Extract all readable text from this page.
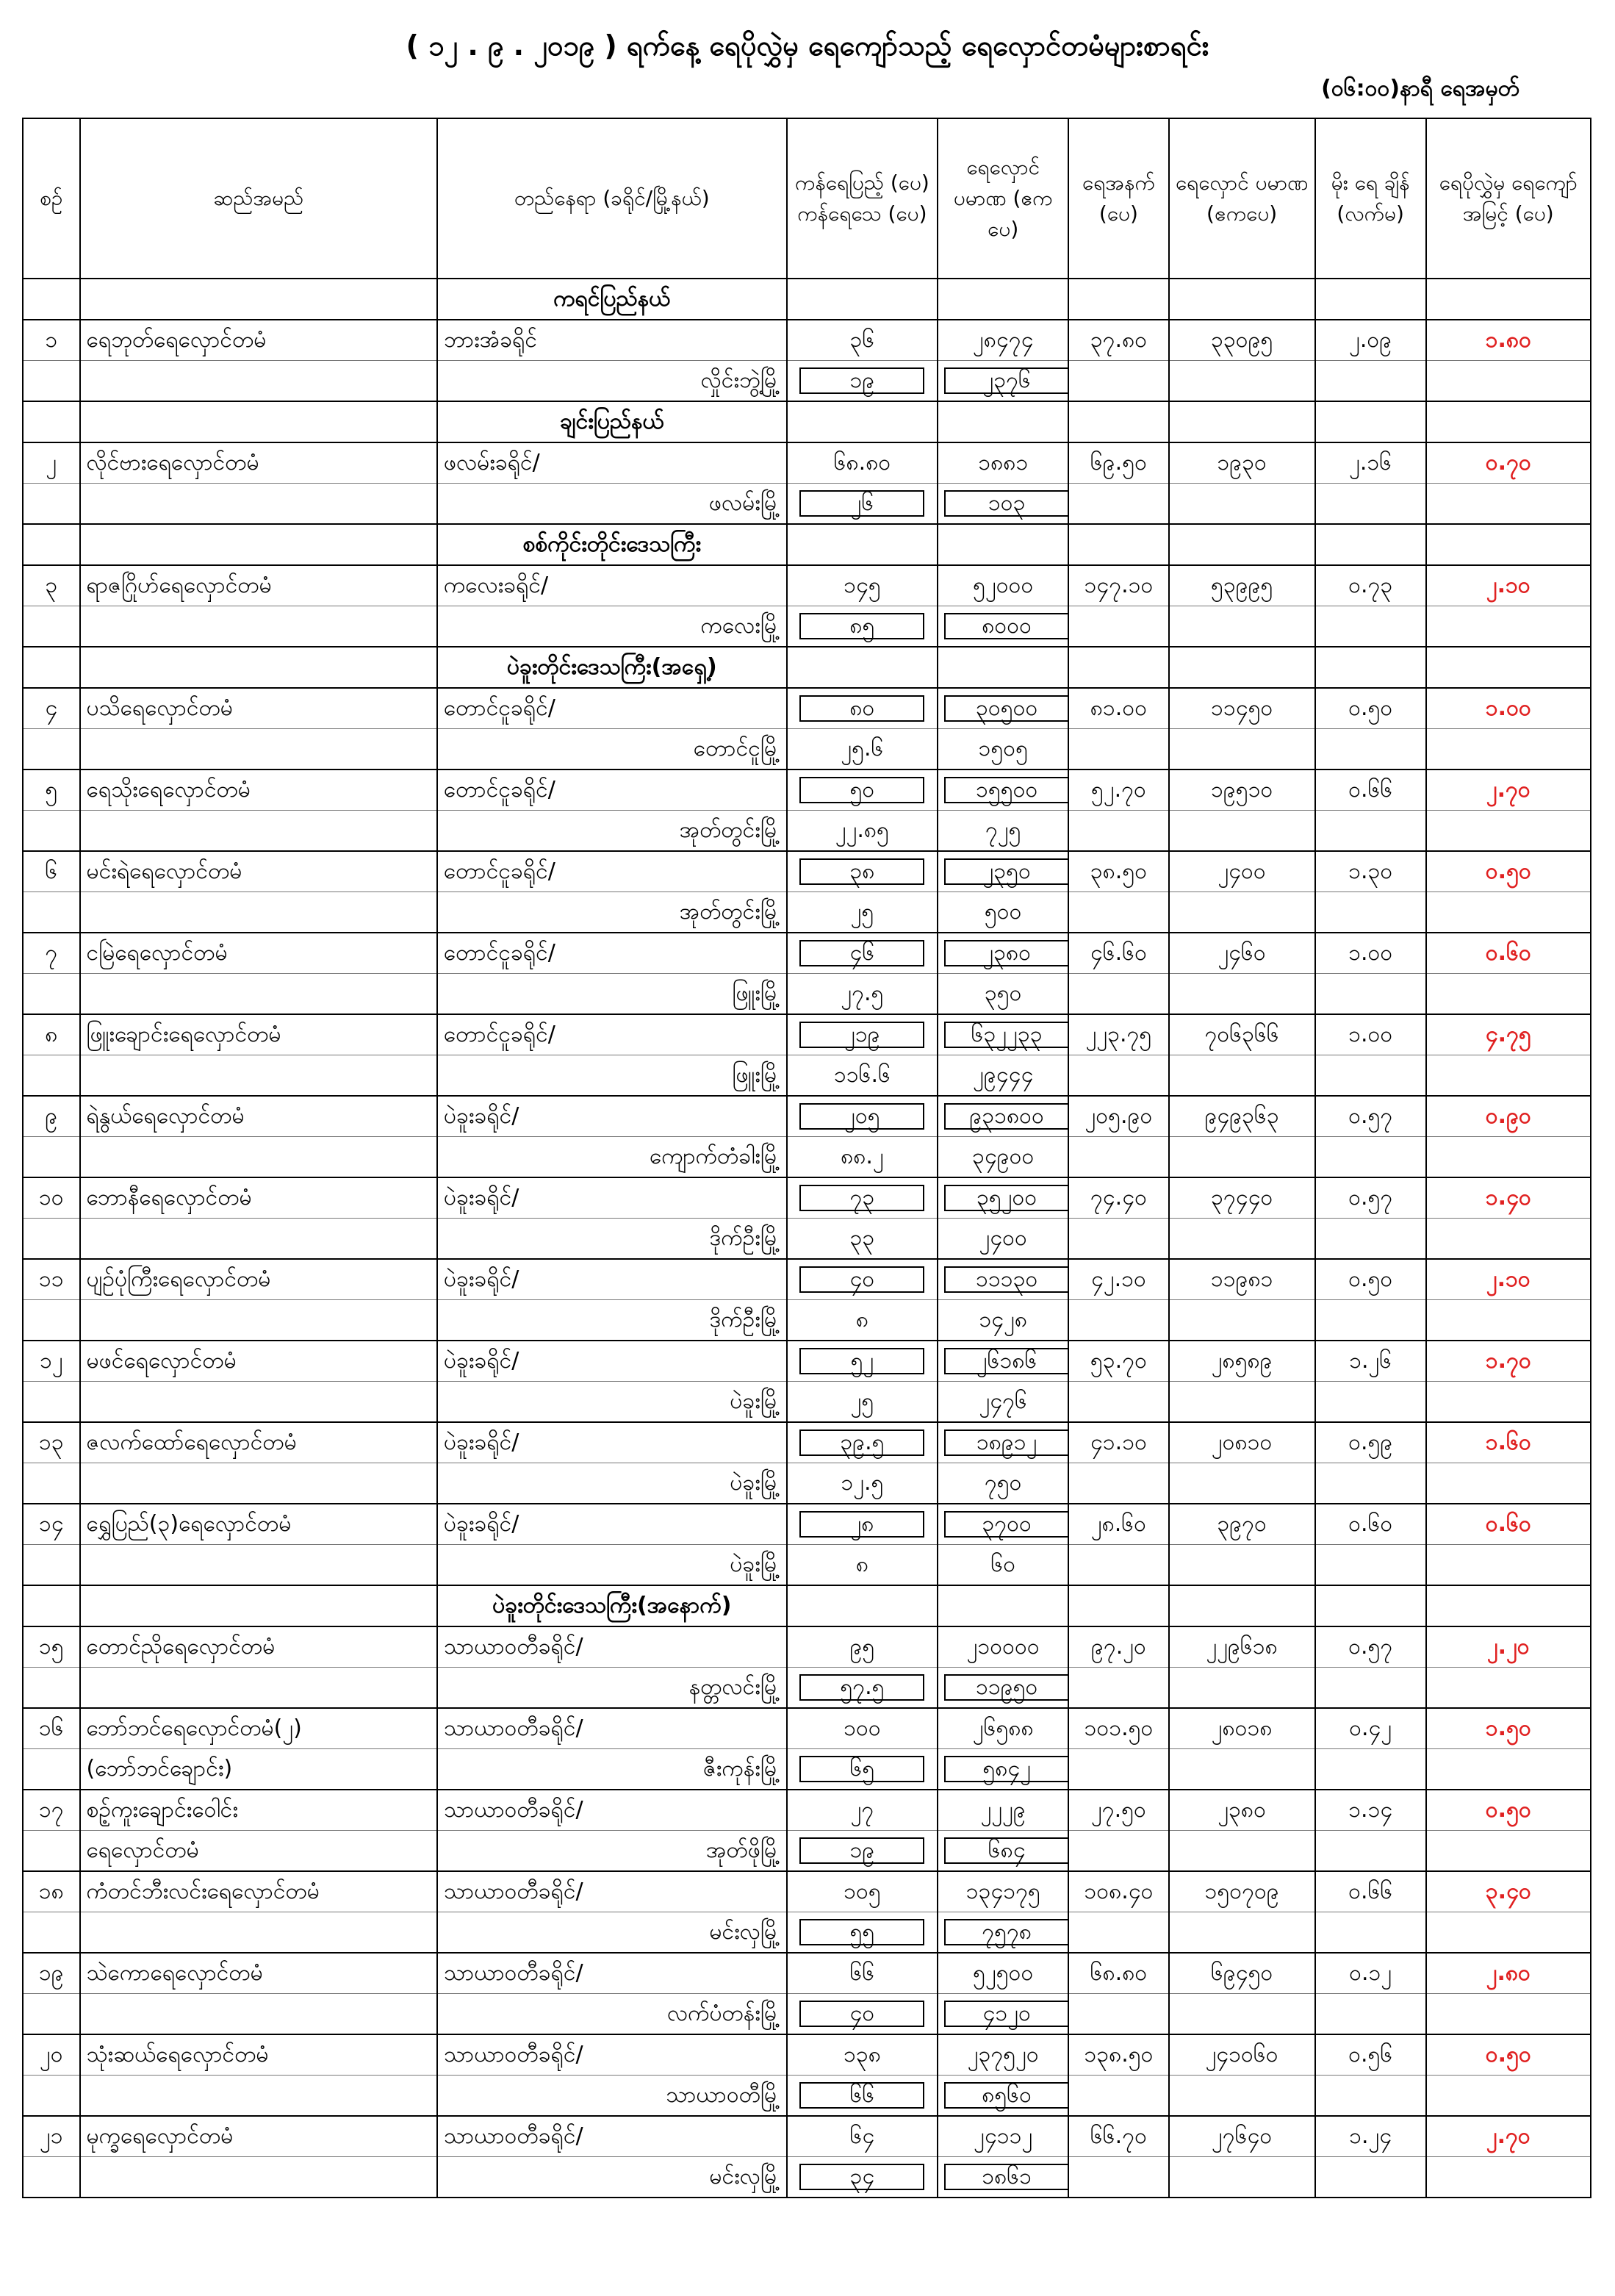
( ၁၂ . ၉ . ၂၀၁၉ ) ရက်နေ့ ရေပိုလွှဲမှ ရေကျော်သည့် ရေလှောင်တမံများစာရင်း
(၀၆:၀၀)နာရီ ရေအမှတ်
စဉ်	ဆည်အမည်	တည်နေရာ (ခရိုင်/မြို့နယ်)	ကန်ရေပြည့် (ပေ) ကန်ရေသေ (ပေ)	ရေလှောင် ပမာဏ (ဧကပေ)	ရေအနက် (ပေ)	ရေလှောင် ပမာဏ (ဧကပေ)	မိုး ရေ ချိန် (လက်မ)	ရေပိုလွှဲမှ ရေကျော် အမြင့် (ပေ)
		ကရင်ပြည်နယ်						
၁	ရေဘုတ်ရေလှောင်တမံ	ဘားအံခရိုင်	၃၆	၂၈၄၇၄	၃၇.၈၀	၃၃၀၉၅	၂.၀၉	၁.၈၀
		လှိုင်းဘွဲ့မြို့	၁၉	၂၃၇၆				
		ချင်းပြည်နယ်						
၂	လိုင်ဗားရေလှောင်တမံ	ဖလမ်းခရိုင်/	၆၈.၈၀	၁၈၈၁	၆၉.၅၀	၁၉၃၀	၂.၁၆	၀.၇၀
		ဖလမ်းမြို့	၂၆	၁၀၃				
		စစ်ကိုင်းတိုင်းဒေသကြီး						
၃	ရာဇဂြိုဟ်ရေလှောင်တမံ	ကလေးခရိုင်/	၁၄၅	၅၂၀၀၀	၁၄၇.၁၀	၅၃၉၉၅	၀.၇၃	၂.၁၀
		ကလေးမြို့	၈၅	၈၀၀၀				
		ပဲခူးတိုင်းဒေသကြီး(အရှေ့)						
၄	ပသိရေလှောင်တမံ	တောင်ငူခရိုင်/	၈၀	၃၀၅၀၀	၈၁.၀၀	၁၁၄၅၀	၀.၅၀	၁.၀၀
		တောင်ငူမြို့	၂၅.၆	၁၅၀၅				
၅	ရေသိုးရေလှောင်တမံ	တောင်ငူခရိုင်/	၅၀	၁၅၅၀၀	၅၂.၇၀	၁၉၅၁၀	၀.၆၆	၂.၇၀
		အုတ်တွင်းမြို့	၂၂.၈၅	၇၂၅				
၆	မင်းရဲရေလှောင်တမံ	တောင်ငူခရိုင်/	၃၈	၂၃၅၀	၃၈.၅၀	၂၄၀၀	၁.၃၀	၀.၅၀
		အုတ်တွင်းမြို့	၂၅	၅၀၀				
၇	ငမြဲရေလှောင်တမံ	တောင်ငူခရိုင်/	၄၆	၂၃၈၀	၄၆.၆၀	၂၄၆၀	၁.၀၀	၀.၆၀
		ဖြူးမြို့	၂၇.၅	၃၅၀				
၈	ဖြူးချောင်းရေလှောင်တမံ	တောင်ငူခရိုင်/	၂၁၉	၆၃၂၂၃၃	၂၂၃.၇၅	၇၀၆၃၆၆	၁.၀၀	၄.၇၅
		ဖြူးမြို့	၁၁၆.၆	၂၉၄၄၄				
၉	ရဲနွယ်ရေလှောင်တမံ	ပဲခူးခရိုင်/	၂၀၅	၉၃၁၈၀၀	၂၀၅.၉၀	၉၄၉၃၆၃	၀.၅၇	၀.၉၀
		ကျောက်တံခါးမြို့	၈၈.၂	၃၄၉၀၀				
၁၀	ဘောနီရေလှောင်တမံ	ပဲခူးခရိုင်/	၇၃	၃၅၂၀၀	၇၄.၄၀	၃၇၄၄၀	၀.၅၇	၁.၄၀
		ဒိုက်ဦးမြို့	၃၃	၂၄၀၀				
၁၁	ပျဉ်ပုံကြီးရေလှောင်တမံ	ပဲခူးခရိုင်/	၄၀	၁၁၁၃၀	၄၂.၁၀	၁၁၉၈၁	၀.၅၀	၂.၁၀
		ဒိုက်ဦးမြို့	၈	၁၄၂၈				
၁၂	မဖင်ရေလှောင်တမံ	ပဲခူးခရိုင်/	၅၂	၂၆၁၈၆	၅၃.၇၀	၂၈၅၈၉	၁.၂၆	၁.၇၀
		ပဲခူးမြို့	၂၅	၂၄၇၆				
၁၃	ဇလက်ထော်ရေလှောင်တမံ	ပဲခူးခရိုင်/	၃၉.၅	၁၈၉၁၂	၄၁.၁၀	၂၀၈၁၀	၀.၅၉	၁.၆၀
		ပဲခူးမြို့	၁၂.၅	၇၅၀				
၁၄	ရွှေပြည်(၃)ရေလှောင်တမံ	ပဲခူးခရိုင်/	၂၈	၃၇၀၀	၂၈.၆၀	၃၉၇၀	၀.၆၀	၀.၆၀
		ပဲခူးမြို့	၈	၆၀				
		ပဲခူးတိုင်းဒေသကြီး(အနောက်)						
၁၅	တောင်ညိုရေလှောင်တမံ	သာယာဝတီခရိုင်/	၉၅	၂၁၀၀၀၀	၉၇.၂၀	၂၂၉၆၁၈	၀.၅၇	၂.၂၀
		နတ္တလင်းမြို့	၅၇.၅	၁၁၉၅၀				
၁၆	ဘော်ဘင်ရေလှောင်တမံ(၂)	သာယာဝတီခရိုင်/	၁၀၀	၂၆၅၈၈	၁၀၁.၅၀	၂၈၀၁၈	၀.၄၂	၁.၅၀
	(ဘော်ဘင်ချောင်း)	ဇီးကုန်းမြို့	၆၅	၅၈၄၂				
၁၇	စဉ့်ကူးချောင်းဝေါင်း	သာယာဝတီခရိုင်/	၂၇	၂၂၂၉	၂၇.၅၀	၂၃၈၀	၁.၁၄	၀.၅၀
	ရေလှောင်တမံ	အုတ်ဖိုမြို့	၁၉	၆၈၄				
၁၈	ကံတင်ဘီးလင်းရေလှောင်တမံ	သာယာဝတီခရိုင်/	၁၀၅	၁၃၄၁၇၅	၁၀၈.၄၀	၁၅၀၇၀၉	၀.၆၆	၃.၄၀
		မင်းလှမြို့	၅၅	၇၅၇၈				
၁၉	သဲကောရေလှောင်တမံ	သာယာဝတီခရိုင်/	၆၆	၅၂၅၀၀	၆၈.၈၀	၆၉၄၅၀	၀.၁၂	၂.၈၀
		လက်ပံတန်းမြို့	၄၀	၄၁၂၀				
၂၀	သုံးဆယ်ရေလှောင်တမံ	သာယာဝတီခရိုင်/	၁၃၈	၂၃၇၅၂၀	၁၃၈.၅၀	၂၄၁၀၆၀	၀.၅၆	၀.၅၀
		သာယာဝတီမြို့	၆၆	၈၅၆၀				
၂၁	မုက္ခရေလှောင်တမံ	သာယာဝတီခရိုင်/	၆၄	၂၄၁၁၂	၆၆.၇၀	၂၇၆၄၀	၁.၂၄	၂.၇၀
		မင်းလှမြို့	၃၄	၁၈၆၁				
